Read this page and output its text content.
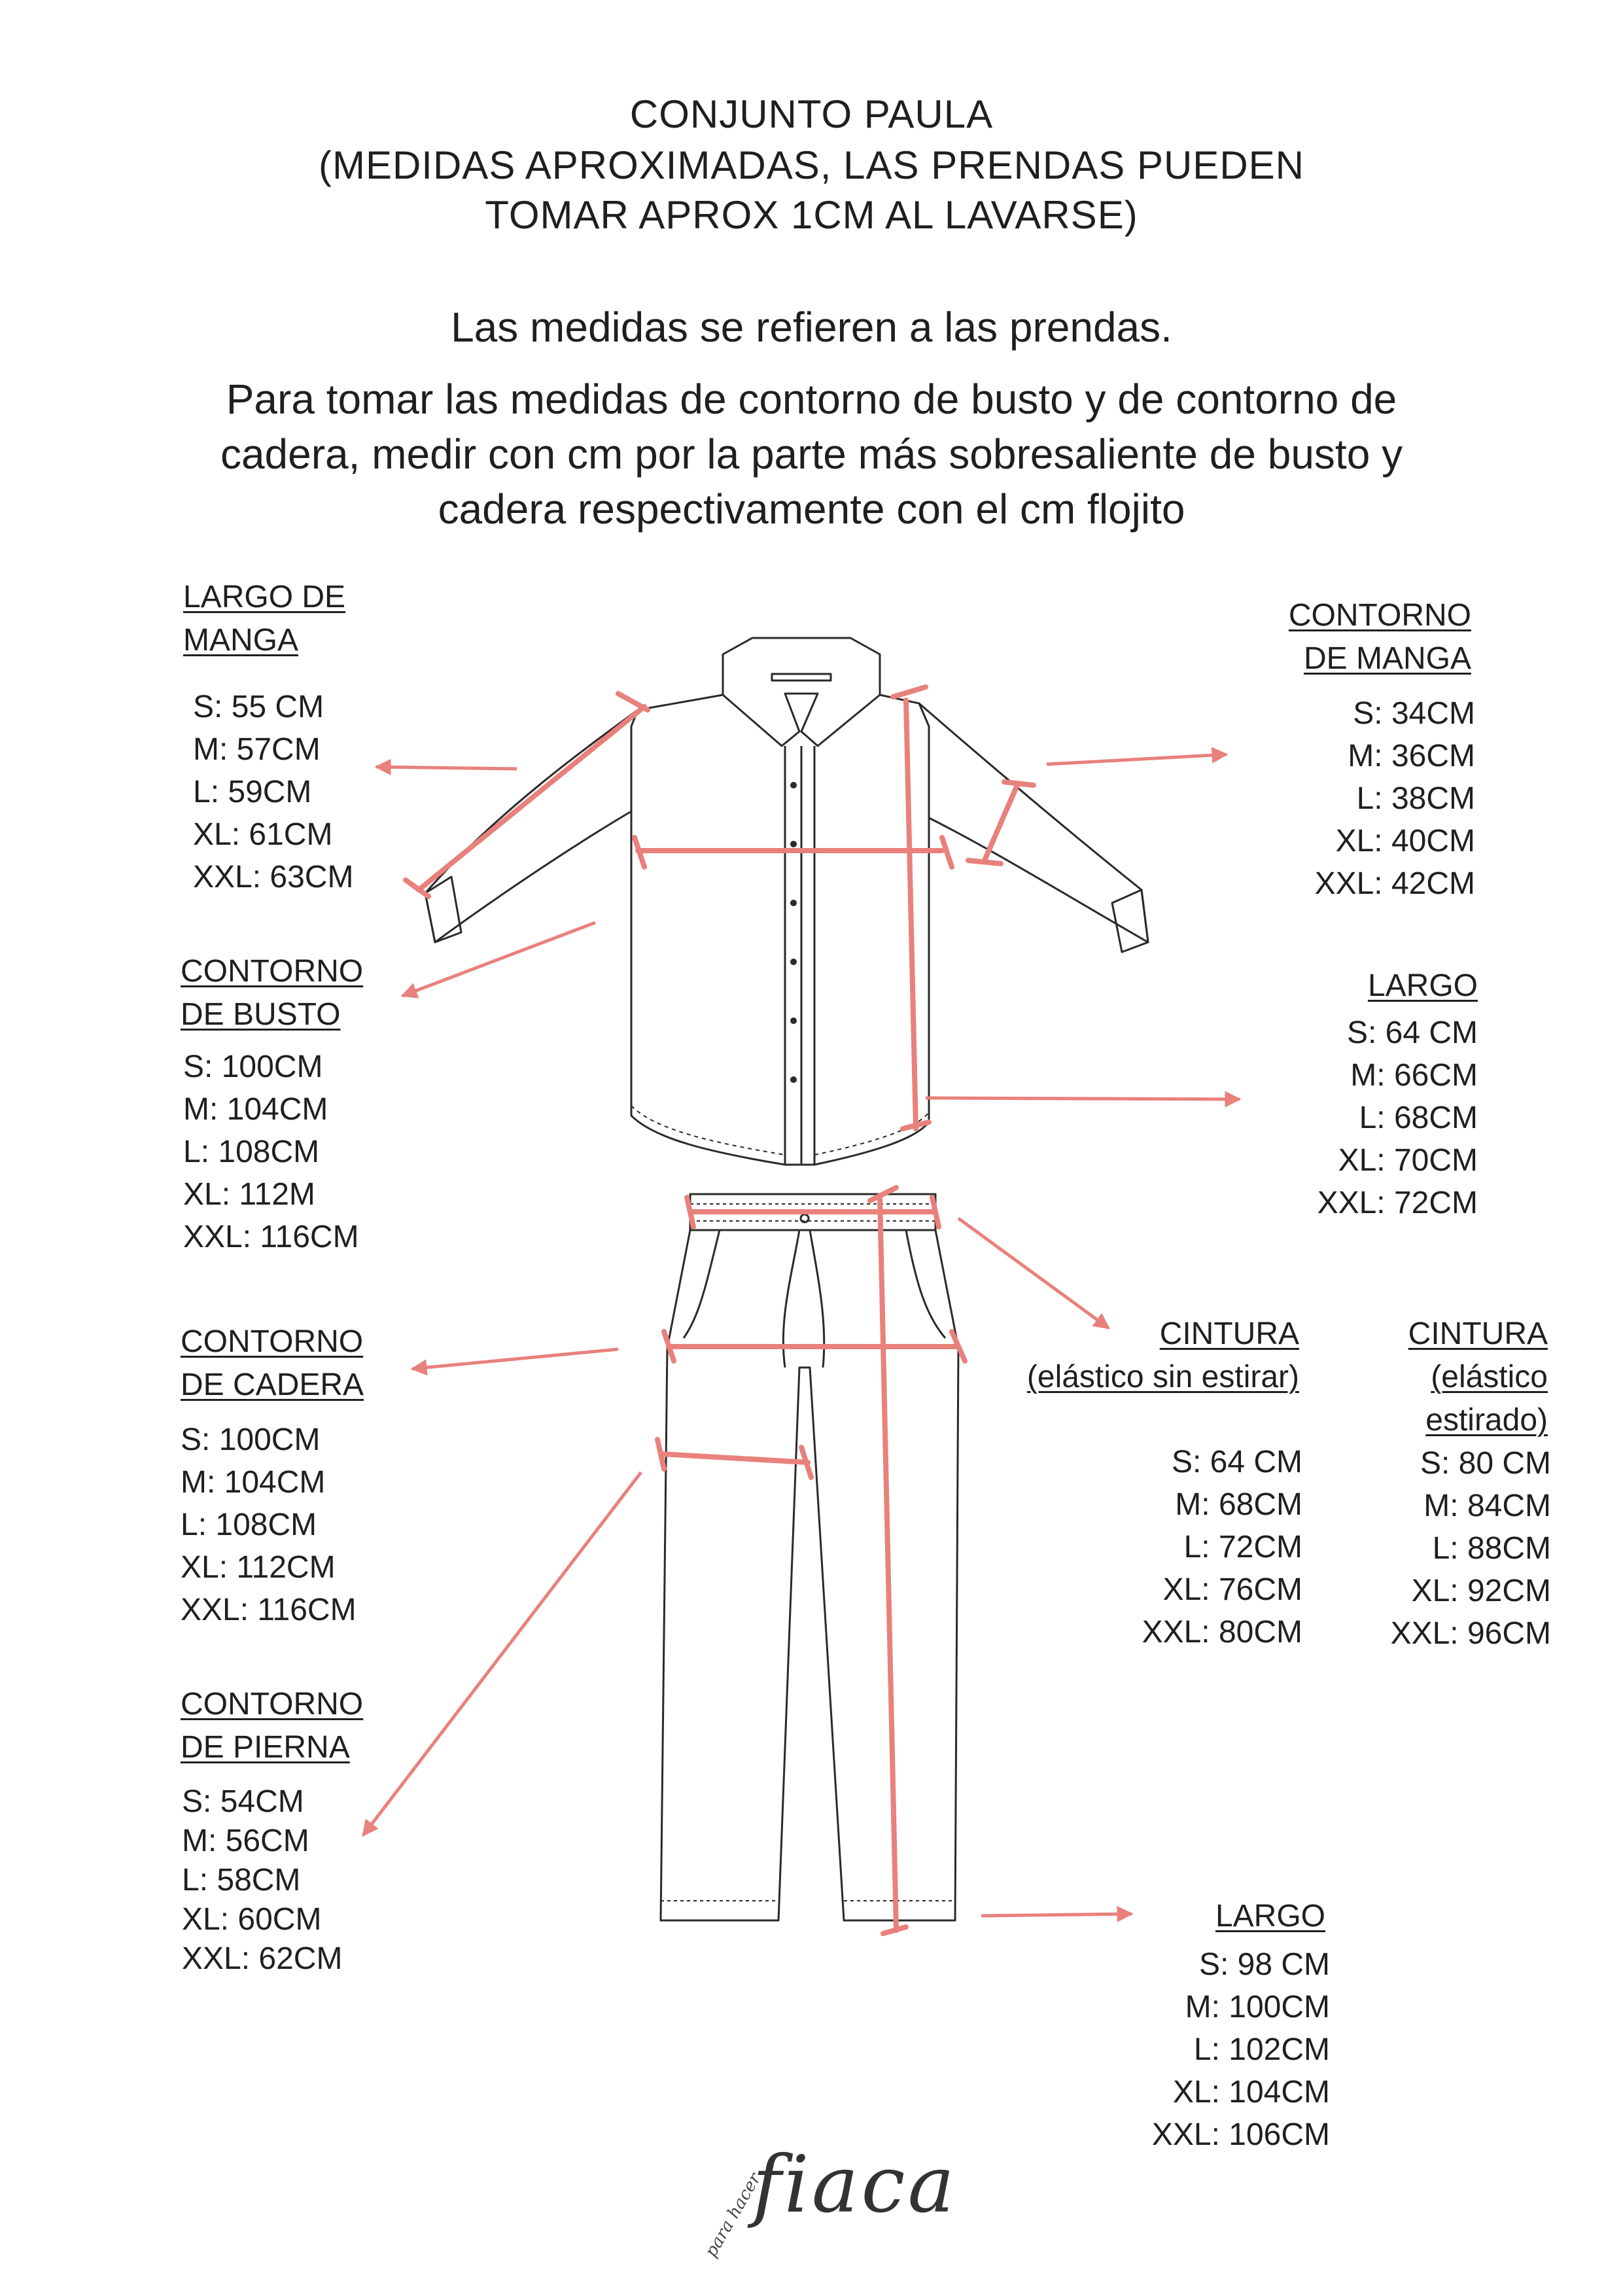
CONJUNTO PAULA
(MEDIDAS APROXIMADAS, LAS PRENDAS PUEDEN
TOMAR APROX 1CM AL LAVARSE)
Las medidas se refieren a las prendas.
Para tomar las medidas de contorno de busto y de contorno de
cadera, medir con cm por la parte más sobresaliente de busto y
cadera respectivamente con el cm flojito
LARGO DE
MANGA
S: 55 CM
M: 57CM
L: 59CM
XL: 61CM
XXL: 63CM
CONTORNO
DE MANGA
S: 34CM
M: 36CM
L: 38CM
XL: 40CM
XXL: 42CM
CONTORNO
DE BUSTO
S: 100CM
M: 104CM
L: 108CM
XL: 112M
XXL: 116CM
LARGO
S: 64 CM
M: 66CM
L: 68CM
XL: 70CM
XXL: 72CM
CONTORNO
DE CADERA
S: 100CM
M: 104CM
L: 108CM
XL: 112CM
XXL: 116CM
CINTURA
(elástico sin estirar)
S: 64 CM
M: 68CM
L: 72CM
XL: 76CM
XXL: 80CM
CINTURA
(elástico
estirado)
S: 80 CM
M: 84CM
L: 88CM
XL: 92CM
XXL: 96CM
CONTORNO
DE PIERNA
S: 54CM
M: 56CM
L: 58CM
XL: 60CM
XXL: 62CM
LARGO
S: 98 CM
M: 100CM
L: 102CM
XL: 104CM
XXL: 106CM
para hacer
fiaca
